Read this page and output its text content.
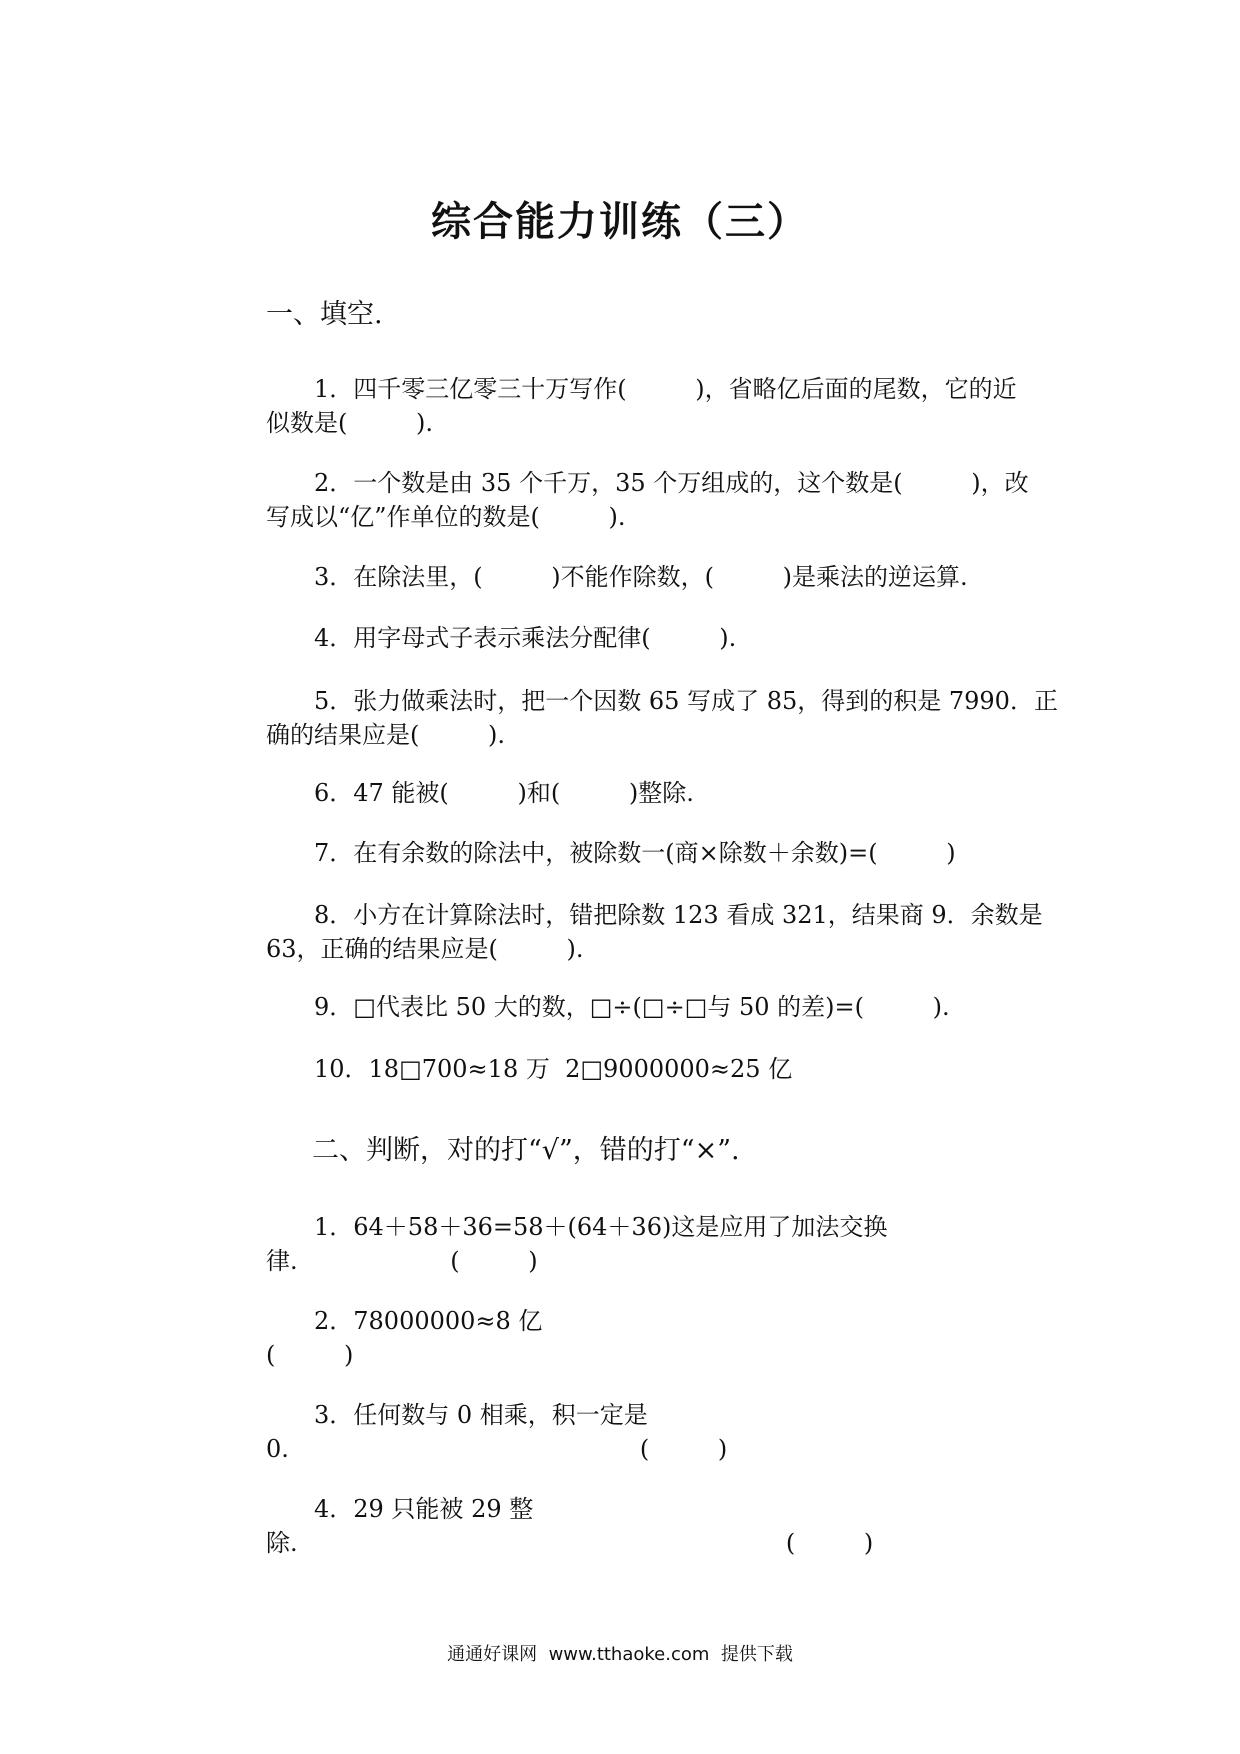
综合能力训练（三）
一、填空.
1．四千零三亿零三十万写作(         )，省略亿后面的尾数，它的近
似数是(         ).
2．一个数是由 35 个千万，35 个万组成的，这个数是(         )，改
写成以“亿”作单位的数是(         ).
3．在除法里，(         )不能作除数，(         )是乘法的逆运算.
4．用字母式子表示乘法分配律(         ).
5．张力做乘法时，把一个因数 65 写成了 85，得到的积是 7990．正
确的结果应是(         ).
6．47 能被(         )和(         )整除.
7．在有余数的除法中，被除数一(商×除数＋余数)=(         )
8．小方在计算除法时，错把除数 123 看成 321，结果商 9．余数是
63，正确的结果应是(         ).
9．□代表比 50 大的数，□÷(□÷□与 50 的差)=(         ).
10．18□700≈18 万  2□9000000≈25 亿
二、判断，对的打“√”，错的打“×”.
1．64＋58＋36=58＋(64＋36)这是应用了加法交换
律.                    (         )
2．78000000≈8 亿
(         )
3．任何数与 0 相乘，积一定是
0.                                              (         )
4．29 只能被 29 整
除.                                                                (         )
通通好课网  www.tthaoke.com  提供下载
